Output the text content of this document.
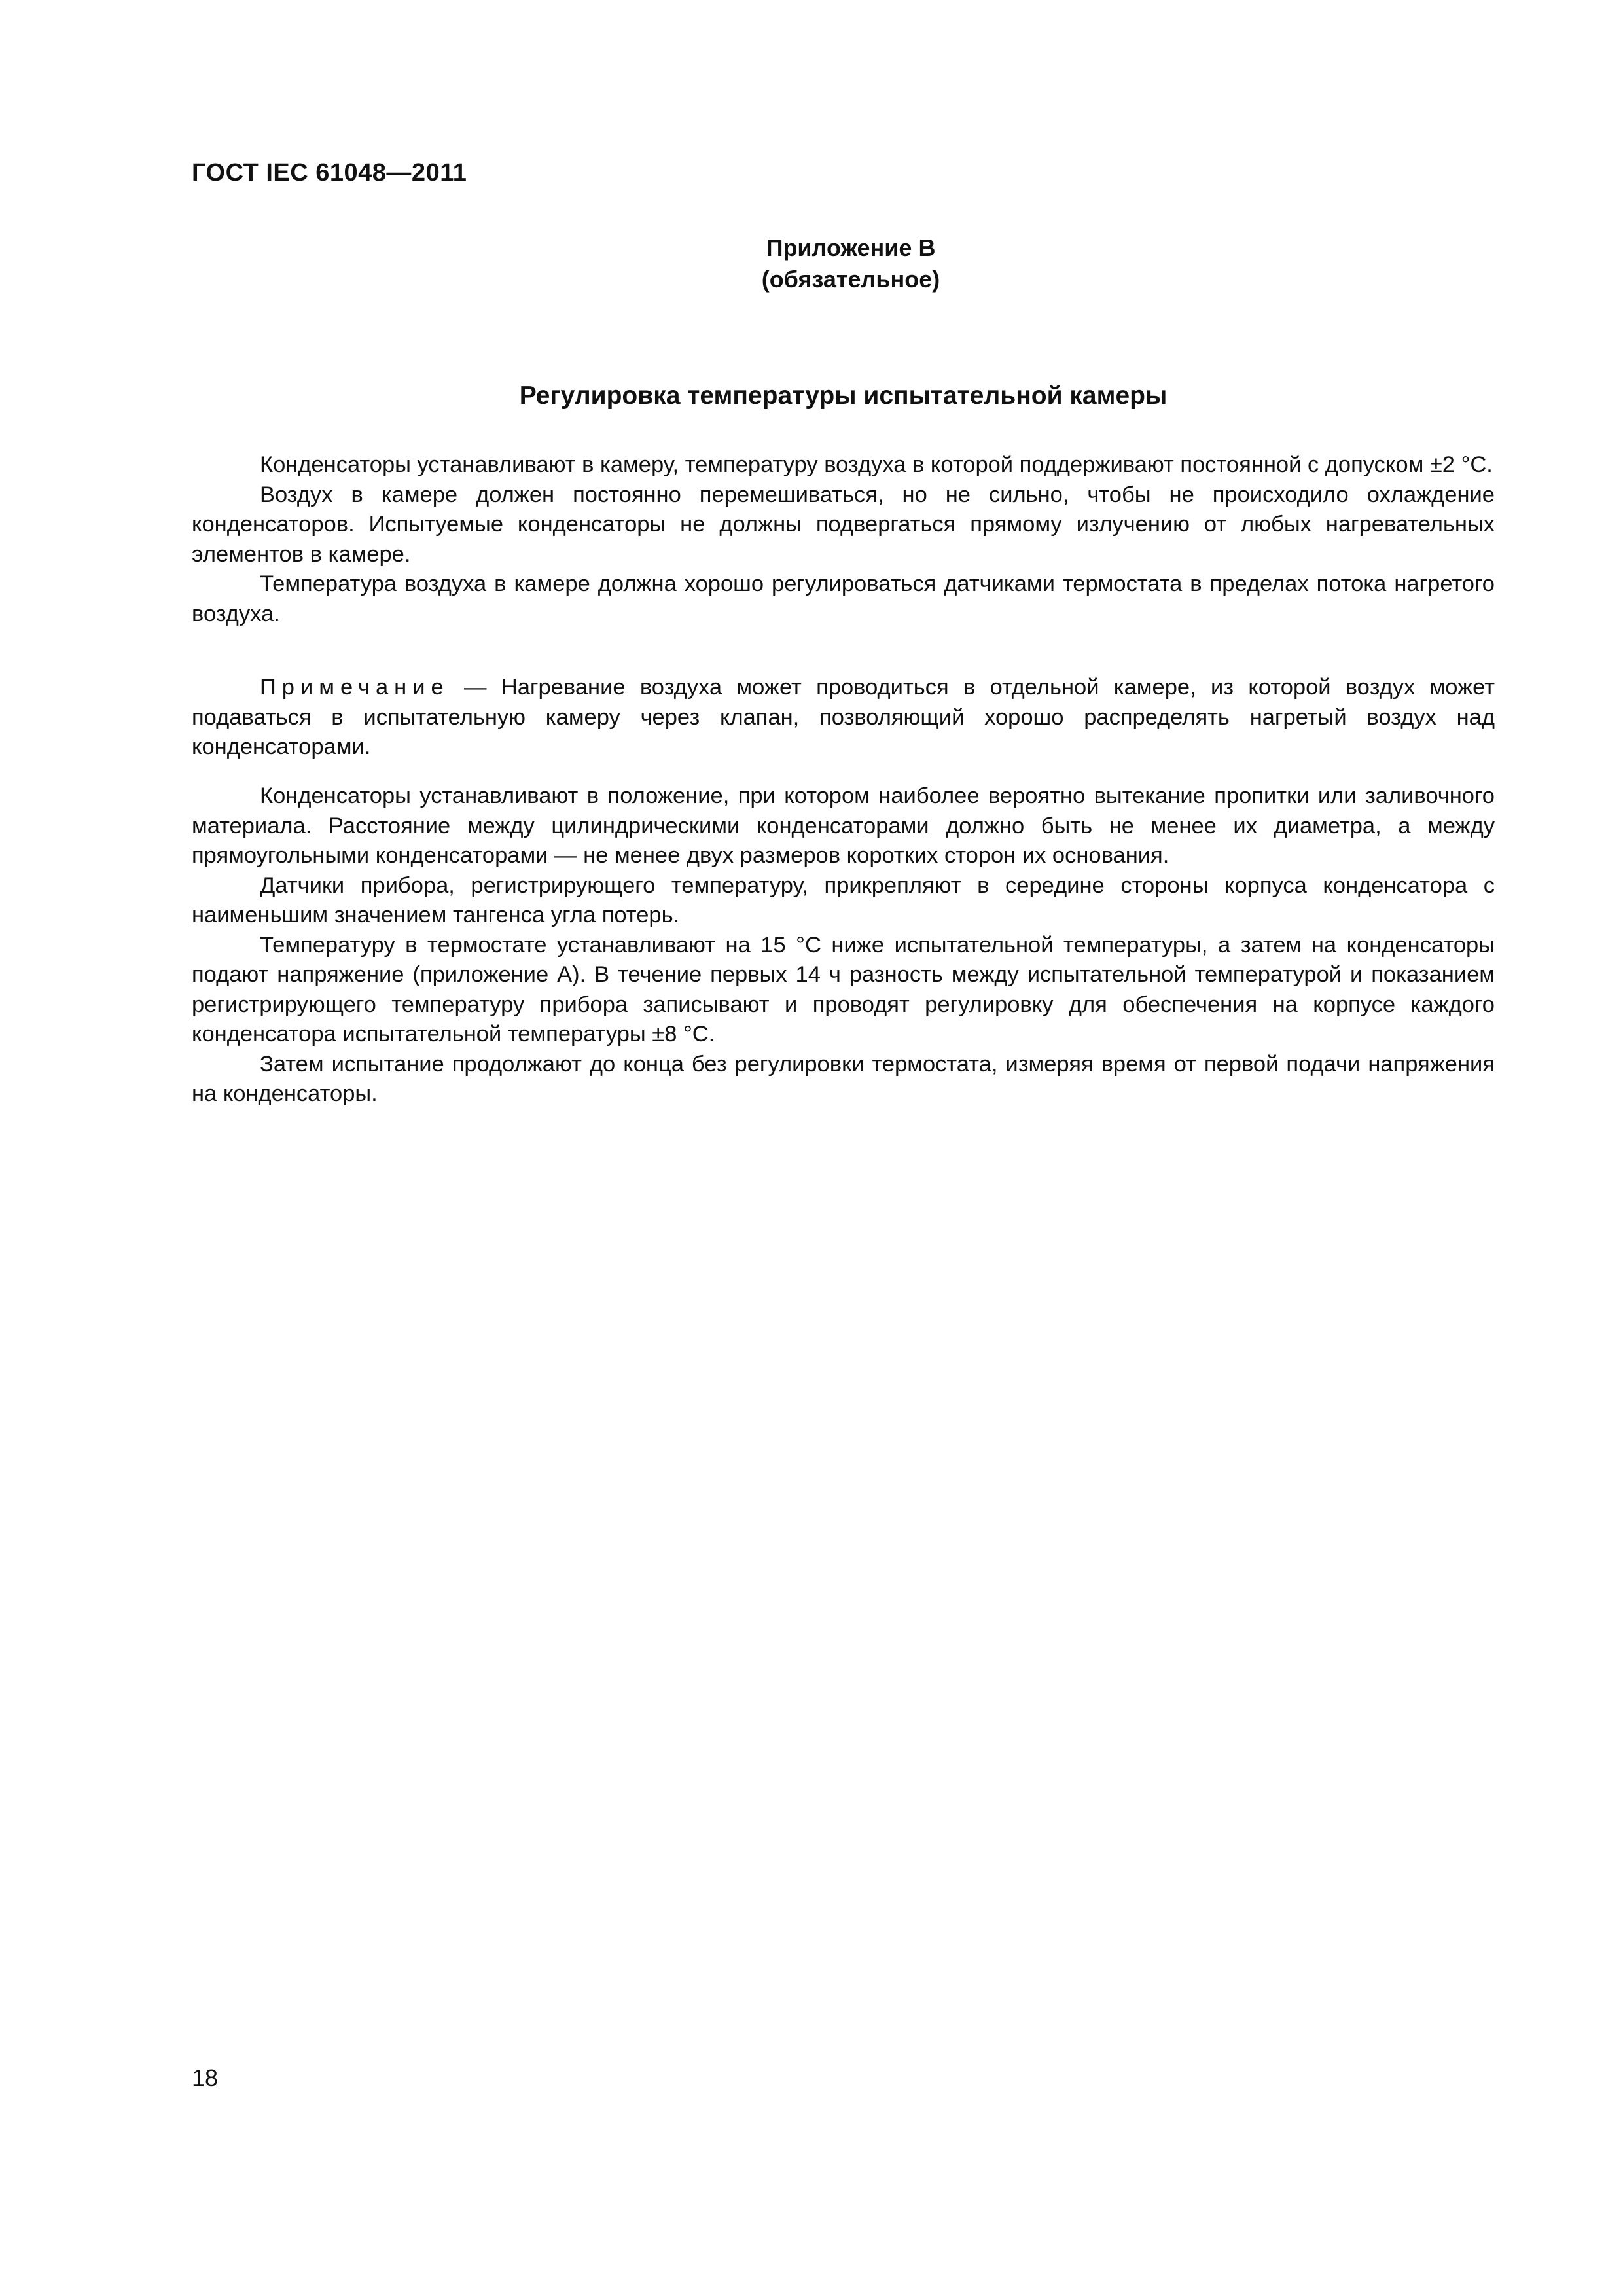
ГОСТ IEC 61048—2011
Приложение В
(обязательное)
Регулировка температуры испытательной камеры

Конденсаторы устанавливают в камеру, температуру воздуха в которой поддерживают постоянной с допуском ±2 °С.

Воздух в камере должен постоянно перемешиваться, но не сильно, чтобы не происходило охлаждение конденсаторов. Испытуемые конденсаторы не должны подвергаться прямому излучению от любых нагревательных элементов в камере.

Температура воздуха в камере должна хорошо регулироваться датчиками термостата в пределах потока нагретого воздуха.

Примечание — Нагревание воздуха может проводиться в отдельной камере, из которой воздух может подаваться в испытательную камеру через клапан, позволяющий хорошо распределять нагретый воздух над конденсаторами.

Конденсаторы устанавливают в положение, при котором наиболее вероятно вытекание пропитки или заливочного материала. Расстояние между цилиндрическими конденсаторами должно быть не менее их диаметра, а между прямоугольными конденсаторами — не менее двух размеров коротких сторон их основания.

Датчики прибора, регистрирующего температуру, прикрепляют в середине стороны корпуса конденсатора с наименьшим значением тангенса угла потерь.

Температуру в термостате устанавливают на 15 °С ниже испытательной температуры, а затем на конденсаторы подают напряжение (приложение А). В течение первых 14 ч разность между испытательной температурой и показанием регистрирующего температуру прибора записывают и проводят регулировку для обеспечения на корпусе каждого конденсатора испытательной температуры ±8 °С.

Затем испытание продолжают до конца без регулировки термостата, измеряя время от первой подачи напряжения на конденсаторы.

18
